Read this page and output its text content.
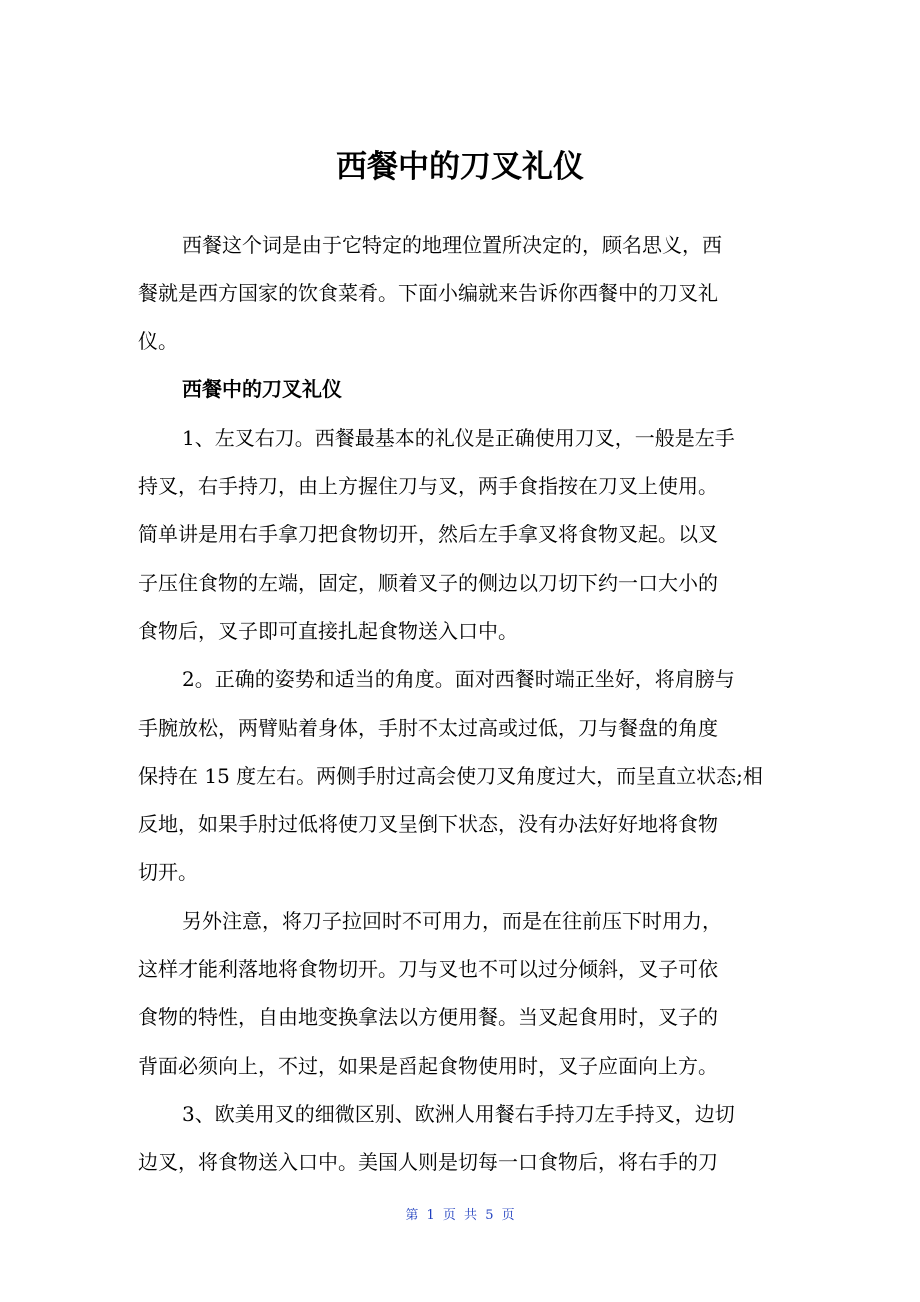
西餐中的刀叉礼仪
西餐这个词是由于它特定的地理位置所决定的，顾名思义，西
餐就是西方国家的饮食菜肴。下面小编就来告诉你西餐中的刀叉礼
仪。
西餐中的刀叉礼仪
1、左叉右刀。西餐最基本的礼仪是正确使用刀叉，一般是左手
持叉，右手持刀，由上方握住刀与叉，两手食指按在刀叉上使用。
简单讲是用右手拿刀把食物切开，然后左手拿叉将食物叉起。以叉
子压住食物的左端，固定，顺着叉子的侧边以刀切下约一口大小的
食物后，叉子即可直接扎起食物送入口中。
2。正确的姿势和适当的角度。面对西餐时端正坐好，将肩膀与
手腕放松，两臂贴着身体，手肘不太过高或过低，刀与餐盘的角度
保持在 15 度左右。两侧手肘过高会使刀叉角度过大，而呈直立状态;相
反地，如果手肘过低将使刀叉呈倒下状态，没有办法好好地将食物
切开。
另外注意，将刀子拉回时不可用力，而是在往前压下时用力，
这样才能利落地将食物切开。刀与叉也不可以过分倾斜，叉子可依
食物的特性，自由地变换拿法以方便用餐。当叉起食用时，叉子的
背面必须向上，不过，如果是舀起食物使用时，叉子应面向上方。
3、欧美用叉的细微区别、欧洲人用餐右手持刀左手持叉，边切
边叉，将食物送入口中。美国人则是切每一口食物后，将右手的刀
第 1 页 共 5 页
